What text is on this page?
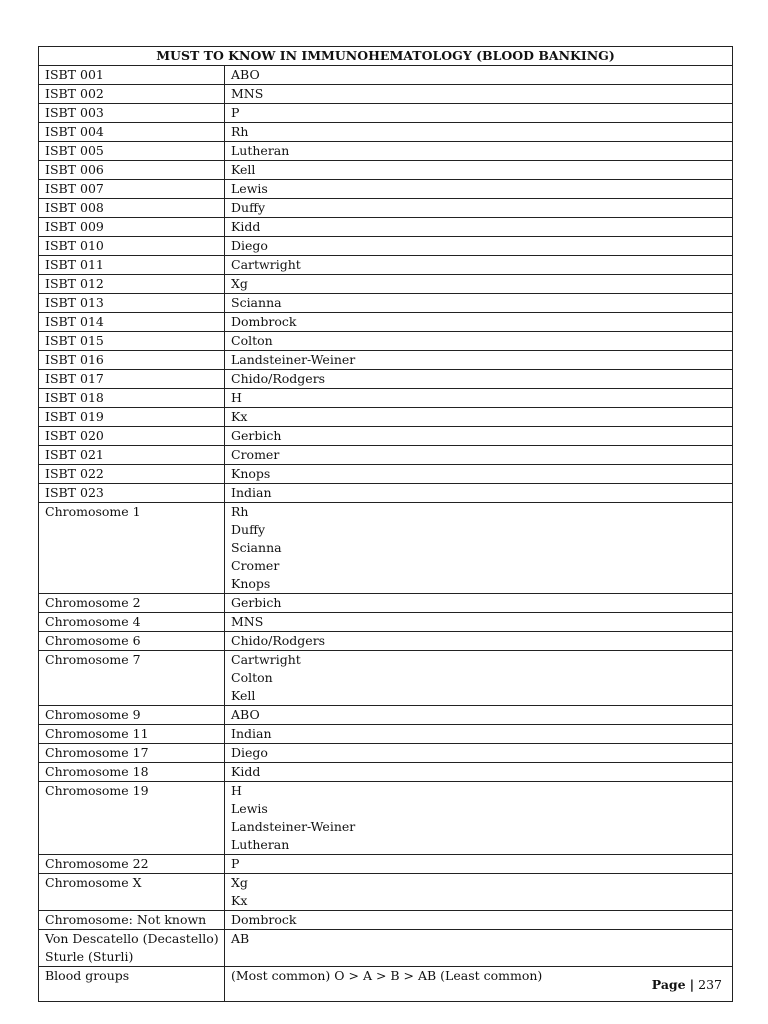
MUST TO KNOW IN IMMUNOHEMATOLOGY (BLOOD BANKING)	

ISBT 001	ABO

ISBT 002	MNS

ISBT 003	P

ISBT 004	Rh

ISBT 005	Lutheran

ISBT 006	Kell

ISBT 007	Lewis

ISBT 008	Duffy

ISBT 009	Kidd

ISBT 010	Diego

ISBT 011	Cartwright

ISBT 012	Xg

ISBT 013	Scianna

ISBT 014	Dombrock

ISBT 015	Colton

ISBT 016	Landsteiner-Weiner

ISBT 017	Chido/Rodgers

ISBT 018	H

ISBT 019	Kx

ISBT 020	Gerbich

ISBT 021	Cromer

ISBT 022	Knops

ISBT 023	Indian

Chromosome 1	Rh
Duffy
Scianna
Cromer
Knops

Chromosome 2	Gerbich

Chromosome 4	MNS

Chromosome 6	Chido/Rodgers

Chromosome 7	Cartwright
Colton
Kell

Chromosome 9	ABO

Chromosome 11	Indian

Chromosome 17	Diego

Chromosome 18	Kidd

Chromosome 19	H
Lewis
Landsteiner-Weiner
Lutheran

Chromosome 22	P

Chromosome X	Xg
Kx

Chromosome: Not known	Dombrock

Von Descatello (Decastello)
Sturle (Sturli)	AB

Blood groups	(Most common) O > A > B > AB (Least common)
Page | 237
